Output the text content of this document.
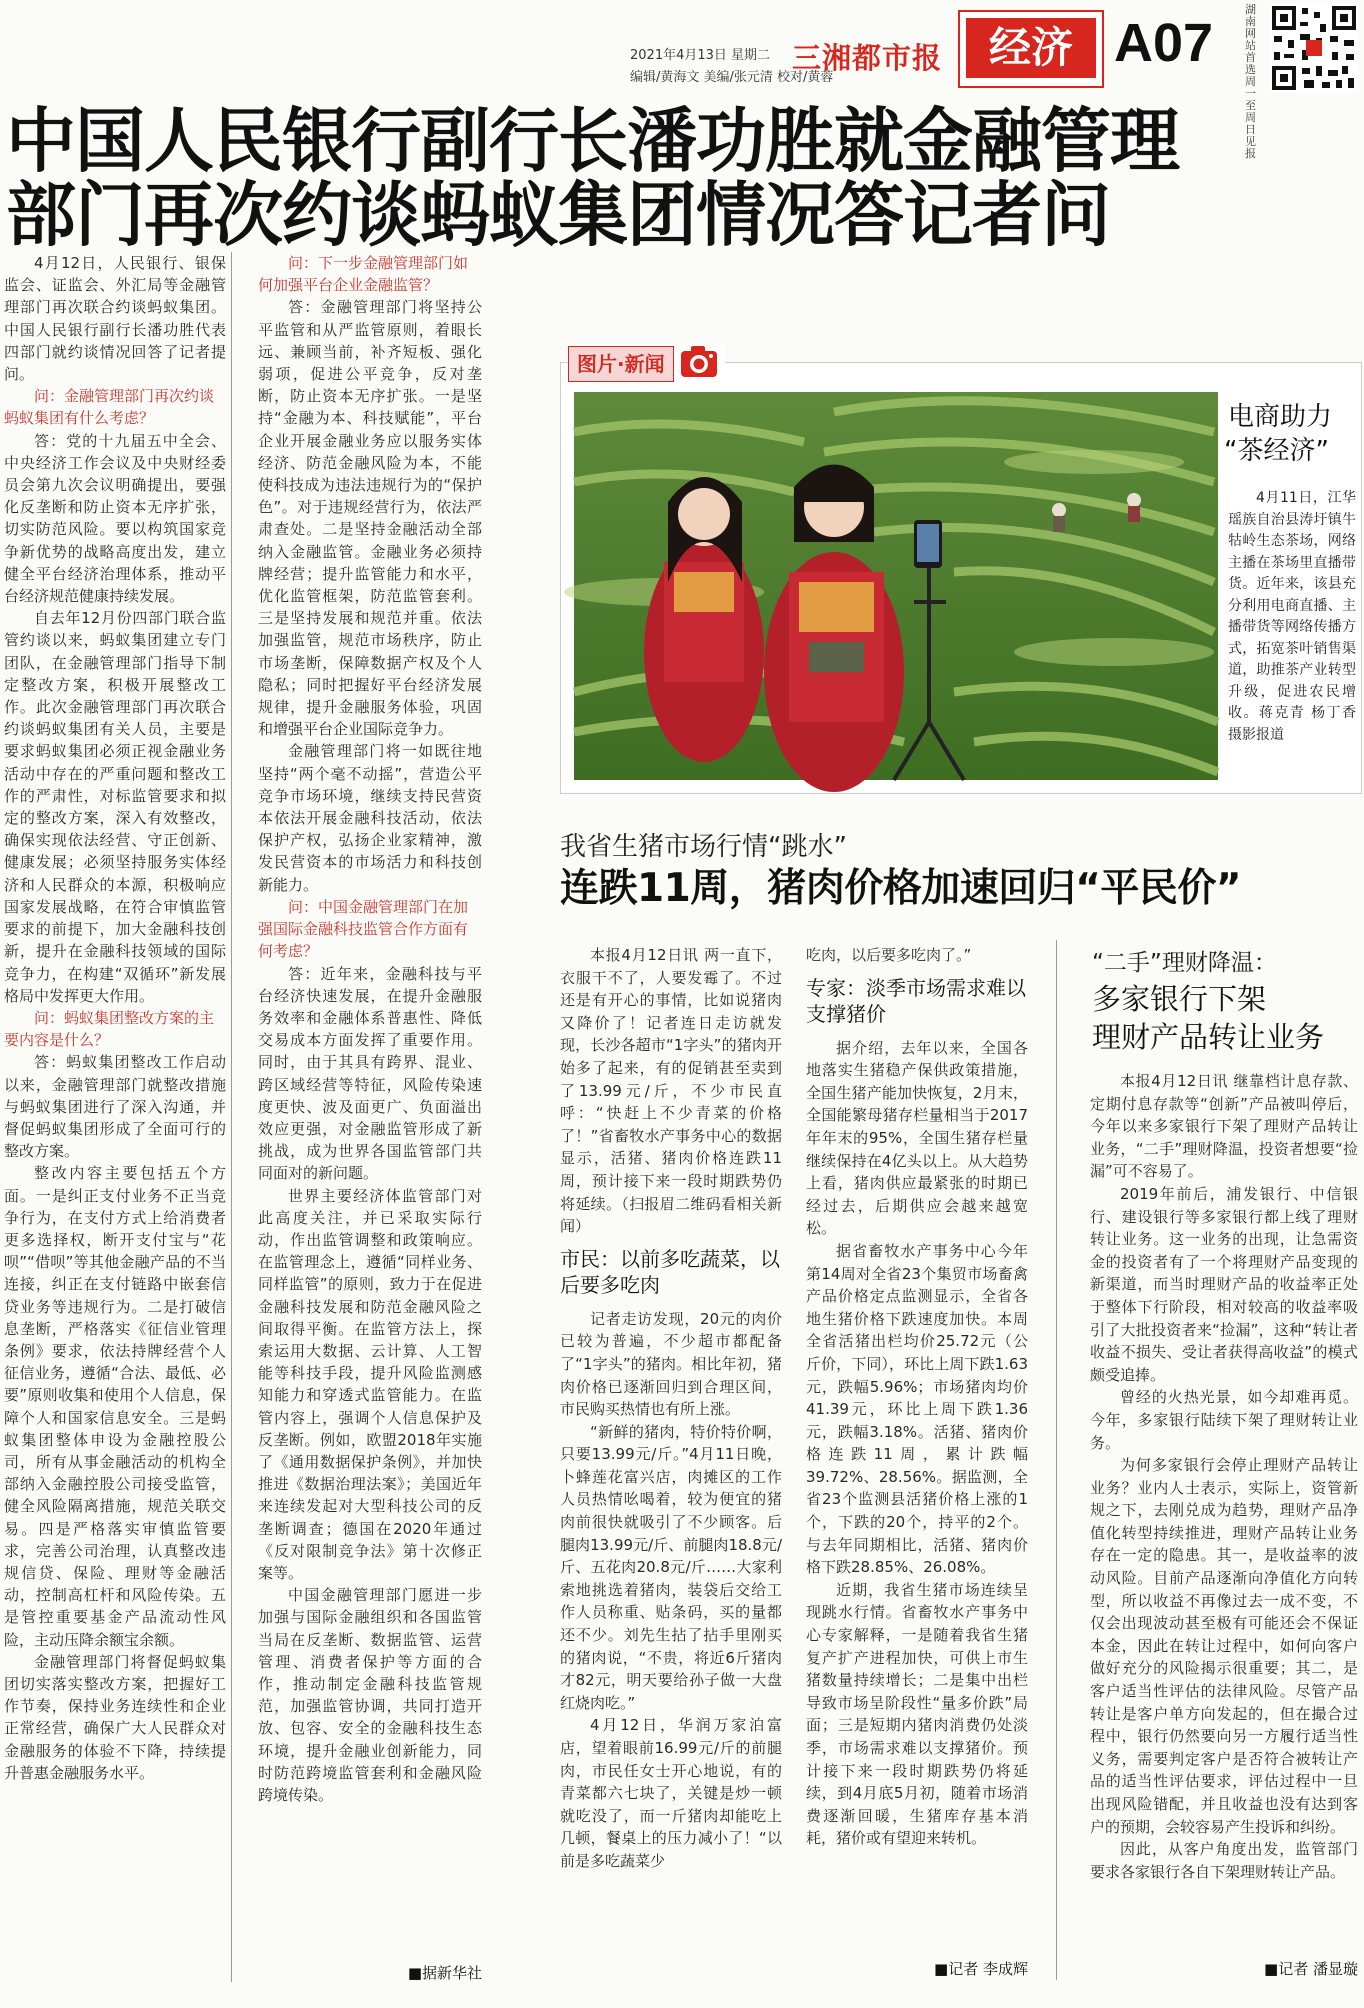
2021年4月13日 星期二
编辑/黄海文 美编/张元清 校对/黄蓉
三湘都市报	经济 A07
湖南网站首选 周一至周日见报
中国人民银行副行长潘功胜就金融管理
部门再次约谈蚂蚁集团情况答记者问

4月12日，人民银行、银保监会、证监会、外汇局等金融管理部门再次联合约谈蚂蚁集团。中国人民银行副行长潘功胜代表四部门就约谈情况回答了记者提问。

问：金融管理部门再次约谈蚂蚁集团有什么考虑？

答：党的十九届五中全会、中央经济工作会议及中央财经委员会第九次会议明确提出，要强化反垄断和防止资本无序扩张，切实防范风险。要以构筑国家竞争新优势的战略高度出发，建立健全平台经济治理体系，推动平台经济规范健康持续发展。

自去年12月份四部门联合监管约谈以来，蚂蚁集团建立专门团队，在金融管理部门指导下制定整改方案，积极开展整改工作。此次金融管理部门再次联合约谈蚂蚁集团有关人员，主要是要求蚂蚁集团必须正视金融业务活动中存在的严重问题和整改工作的严肃性，对标监管要求和拟定的整改方案，深入有效整改，确保实现依法经营、守正创新、健康发展；必须坚持服务实体经济和人民群众的本源，积极响应国家发展战略，在符合审慎监管要求的前提下，加大金融科技创新，提升在金融科技领域的国际竞争力，在构建“双循环”新发展格局中发挥更大作用。

问：蚂蚁集团整改方案的主要内容是什么？

答：蚂蚁集团整改工作启动以来，金融管理部门就整改措施与蚂蚁集团进行了深入沟通，并督促蚂蚁集团形成了全面可行的整改方案。

整改内容主要包括五个方面。一是纠正支付业务不正当竞争行为，在支付方式上给消费者更多选择权，断开支付宝与“花呗”“借呗”等其他金融产品的不当连接，纠正在支付链路中嵌套信贷业务等违规行为。二是打破信息垄断，严格落实《征信业管理条例》要求，依法持牌经营个人征信业务，遵循“合法、最低、必要”原则收集和使用个人信息，保障个人和国家信息安全。三是蚂蚁集团整体申设为金融控股公司，所有从事金融活动的机构全部纳入金融控股公司接受监管，健全风险隔离措施，规范关联交易。四是严格落实审慎监管要求，完善公司治理，认真整改违规信贷、保险、理财等金融活动，控制高杠杆和风险传染。五是管控重要基金产品流动性风险，主动压降余额宝余额。

金融管理部门将督促蚂蚁集团切实落实整改方案，把握好工作节奏，保持业务连续性和企业正常经营，确保广大人民群众对金融服务的体验不下降，持续提升普惠金融服务水平。

问：下一步金融管理部门如何加强平台企业金融监管？

答：金融管理部门将坚持公平监管和从严监管原则，着眼长远、兼顾当前，补齐短板、强化弱项，促进公平竞争，反对垄断，防止资本无序扩张。一是坚持“金融为本、科技赋能”，平台企业开展金融业务应以服务实体经济、防范金融风险为本，不能使科技成为违法违规行为的“保护色”。对于违规经营行为，依法严肃查处。二是坚持金融活动全部纳入金融监管。金融业务必须持牌经营；提升监管能力和水平，优化监管框架，防范监管套利。三是坚持发展和规范并重。依法加强监管，规范市场秩序，防止市场垄断，保障数据产权及个人隐私；同时把握好平台经济发展规律，提升金融服务体验，巩固和增强平台企业国际竞争力。

金融管理部门将一如既往地坚持“两个毫不动摇”，营造公平竞争市场环境，继续支持民营资本依法开展金融科技活动，依法保护产权，弘扬企业家精神，激发民营资本的市场活力和科技创新能力。

问：中国金融管理部门在加强国际金融科技监管合作方面有何考虑？

答：近年来，金融科技与平台经济快速发展，在提升金融服务效率和金融体系普惠性、降低交易成本方面发挥了重要作用。同时，由于其具有跨界、混业、跨区域经营等特征，风险传染速度更快、波及面更广、负面溢出效应更强，对金融监管形成了新挑战，成为世界各国监管部门共同面对的新问题。

世界主要经济体监管部门对此高度关注，并已采取实际行动，作出监管调整和政策响应。在监管理念上，遵循“同样业务、同样监管”的原则，致力于在促进金融科技发展和防范金融风险之间取得平衡。在监管方法上，探索运用大数据、云计算、人工智能等科技手段，提升风险监测感知能力和穿透式监管能力。在监管内容上，强调个人信息保护及反垄断。例如，欧盟2018年实施了《通用数据保护条例》，并加快推进《数据治理法案》；美国近年来连续发起对大型科技公司的反垄断调查；德国在2020年通过《反对限制竞争法》第十次修正案等。

中国金融管理部门愿进一步加强与国际金融组织和各国监管当局在反垄断、数据监管、运营管理、消费者保护等方面的合作，推动制定金融科技监管规范，加强监管协调，共同打造开放、包容、安全的金融科技生态环境，提升金融业创新能力，同时防范跨境监管套利和金融风险跨境传染。

■据新华社
图片·新闻
电商助力
“茶经济”
4月11日，江华瑶族自治县涛圩镇牛牯岭生态茶场，网络主播在茶场里直播带货。近年来，该县充分利用电商直播、主播带货等网络传播方式，拓宽茶叶销售渠道，助推茶产业转型升级，促进农民增收。蒋克青 杨丁香 摄影报道
我省生猪市场行情“跳水”
连跌11周，猪肉价格加速回归“平民价”

本报4月12日讯 两一直下，衣服干不了，人要发霉了。不过还是有开心的事情，比如说猪肉又降价了！记者连日走访就发现，长沙各超市“1字头”的猪肉开始多了起来，有的促销甚至卖到了13.99元/斤，不少市民直呼：“快赶上不少青菜的价格了！”省畜牧水产事务中心的数据显示，活猪、猪肉价格连跌11周，预计接下来一段时期跌势仍将延续。（扫报眉二维码看相关新闻）

市民：以前多吃蔬菜，以后要多吃肉

记者走访发现，20元的肉价已较为普遍，不少超市都配备了“1字头”的猪肉。相比年初，猪肉价格已逐渐回归到合理区间，市民购买热情也有所上涨。

“新鲜的猪肉，特价特价啊，只要13.99元/斤。”4月11日晚，卜蜂莲花富兴店，肉摊区的工作人员热情吆喝着，较为便宜的猪肉前很快就吸引了不少顾客。后腿肉13.99元/斤、前腿肉18.8元/斤、五花肉20.8元/斤……大家利索地挑选着猪肉，装袋后交给工作人员称重、贴条码，买的量都还不少。刘先生拈了拈手里刚买的猪肉说，“不贵，将近6斤猪肉才82元，明天要给孙子做一大盘红烧肉吃。”

4月12日，华润万家泊富店，望着眼前16.99元/斤的前腿肉，市民任女士开心地说，有的青菜都六七块了，关键是炒一顿就吃没了，而一斤猪肉却能吃上几顿，餐桌上的压力减小了！“以前是多吃蔬菜少

吃肉，以后要多吃肉了。”

专家：淡季市场需求难以支撑猪价

据介绍，去年以来，全国各地落实生猪稳产保供政策措施，全国生猪产能加快恢复，2月末，全国能繁母猪存栏量相当于2017年年末的95%，全国生猪存栏量继续保持在4亿头以上。从大趋势上看，猪肉供应最紧张的时期已经过去，后期供应会越来越宽松。

据省畜牧水产事务中心今年第14周对全省23个集贸市场畜禽产品价格定点监测显示，全省各地生猪价格下跌速度加快。本周全省活猪出栏均价25.72元（公斤价，下同），环比上周下跌1.63元，跌幅5.96%；市场猪肉均价41.39元，环比上周下跌1.36元，跌幅3.18%。活猪、猪肉价格连跌11周，累计跌幅39.72%、28.56%。据监测，全省23个监测县活猪价格上涨的1个，下跌的20个，持平的2个。与去年同期相比，活猪、猪肉价格下跌28.85%、26.08%。

近期，我省生猪市场连续呈现跳水行情。省畜牧水产事务中心专家解释，一是随着我省生猪复产扩产进程加快，可供上市生猪数量持续增长；二是集中出栏导致市场呈阶段性“量多价跌”局面；三是短期内猪肉消费仍处淡季，市场需求难以支撑猪价。预计接下来一段时期跌势仍将延续，到4月底5月初，随着市场消费逐渐回暖，生猪库存基本消耗，猪价或有望迎来转机。

■记者 李成辉
“二手”理财降温：
多家银行下架
理财产品转让业务

本报4月12日讯 继靠档计息存款、定期付息存款等“创新”产品被叫停后，今年以来多家银行下架了理财产品转让业务，“二手”理财降温，投资者想要“捡漏”可不容易了。

2019年前后，浦发银行、中信银行、建设银行等多家银行都上线了理财转让业务。这一业务的出现，让急需资金的投资者有了一个将理财产品变现的新渠道，而当时理财产品的收益率正处于整体下行阶段，相对较高的收益率吸引了大批投资者来“捡漏”，这种“转让者收益不损失、受让者获得高收益”的模式颇受追捧。

曾经的火热光景，如今却难再觅。今年，多家银行陆续下架了理财转让业务。

为何多家银行会停止理财产品转让业务？业内人士表示，实际上，资管新规之下，去刚兑成为趋势，理财产品净值化转型持续推进，理财产品转让业务存在一定的隐患。其一，是收益率的波动风险。目前产品逐渐向净值化方向转型，所以收益不再像过去一成不变，不仅会出现波动甚至极有可能还会不保证本金，因此在转让过程中，如何向客户做好充分的风险揭示很重要；其二，是客户适当性评估的法律风险。尽管产品转让是客户单方向发起的，但在撮合过程中，银行仍然要向另一方履行适当性义务，需要判定客户是否符合被转让产品的适当性评估要求，评估过程中一旦出现风险错配，并且收益也没有达到客户的预期，会较容易产生投诉和纠纷。

因此，从客户角度出发，监管部门要求各家银行各自下架理财转让产品。

■记者 潘显璇
